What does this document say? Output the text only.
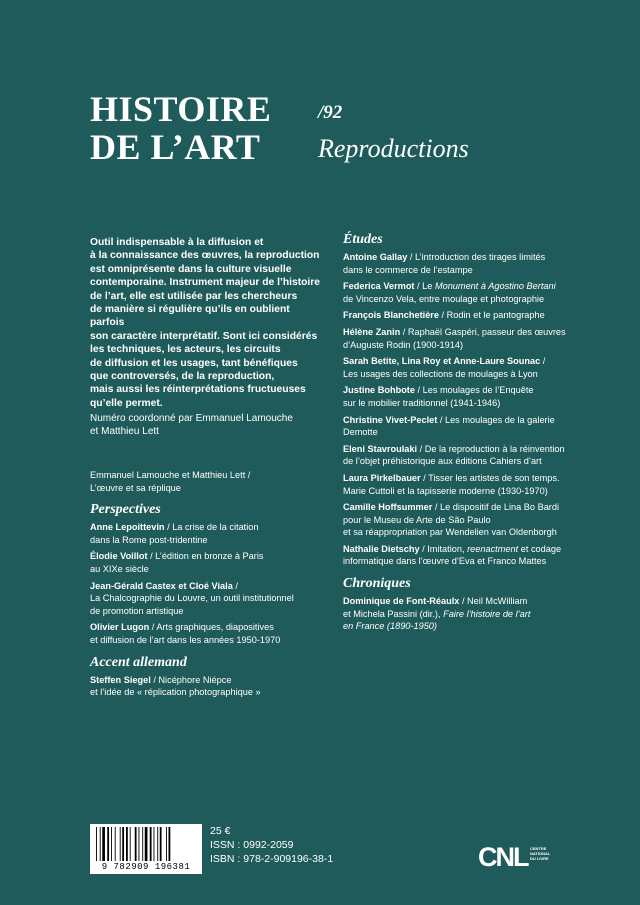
HISTOIRE
DE L’ART
/92
Reproductions
Outil indispensable à la diffusion et
à la connaissance des œuvres, la reproduction
est omniprésente dans la culture visuelle
contemporaine. Instrument majeur de l’histoire
de l’art, elle est utilisée par les chercheurs
de manière si régulière qu’ils en oublient parfois
son caractère interprétatif. Sont ici considérés
les techniques, les acteurs, les circuits
de diffusion et les usages, tant bénéfiques
que controversés, de la reproduction,
mais aussi les réinterprétations fructueuses
qu’elle permet.
Numéro coordonné par Emmanuel Lamouche
et Matthieu Lett
Emmanuel Lamouche et Matthieu Lett /
L’œuvre et sa réplique
Perspectives
Anne Lepoittevin / La crise de la citation
dans la Rome post-tridentine
Élodie Voillot / L’édition en bronze à Paris
au XIXe siècle
Jean-Gérald Castex et Cloé Viala /
La Chalcographie du Louvre, un outil institutionnel
de promotion artistique
Olivier Lugon / Arts graphiques, diapositives
et diffusion de l’art dans les années 1950-1970
Accent allemand
Steffen Siegel / Nicéphore Niépce
et l’idée de « réplication photographique »
Études
Antoine Gallay / L’introduction des tirages limités
dans le commerce de l’estampe
Federica Vermot / Le Monument à Agostino Bertani
de Vincenzo Vela, entre moulage et photographie
François Blanchetière / Rodin et le pantographe
Hélène Zanin / Raphaël Gaspéri, passeur des œuvres
d’Auguste Rodin (1900-1914)
Sarah Betite, Lina Roy et Anne-Laure Sounac /
Les usages des collections de moulages à Lyon
Justine Bohbote / Les moulages de l’Enquête
sur le mobilier traditionnel (1941-1946)
Christine Vivet-Peclet / Les moulages de la galerie
Demotte
Eleni Stavroulaki / De la reproduction à la réinvention
de l’objet préhistorique aux éditions Cahiers d’art
Laura Pirkelbauer / Tisser les artistes de son temps.
Marie Cuttoli et la tapisserie moderne (1930-1970)
Camille Hoffsummer / Le dispositif de Lina Bo Bardi
pour le Museu de Arte de São Paulo
et sa réappropriation par Wendelien van Oldenborgh
Nathalie Dietschy / Imitation, reenactment et codage
informatique dans l’œuvre d’Eva et Franco Mattes
Chroniques
Dominique de Font-Réaulx / Neil McWilliam
et Michela Passini (dir.), Faire l’histoire de l’art
en France (1890-1950)
9 782909 196381
25 €
ISSN : 0992-2059
ISBN : 978-2-909196-38-1	CNL CENTRE NATIONAL DU LIVRE
